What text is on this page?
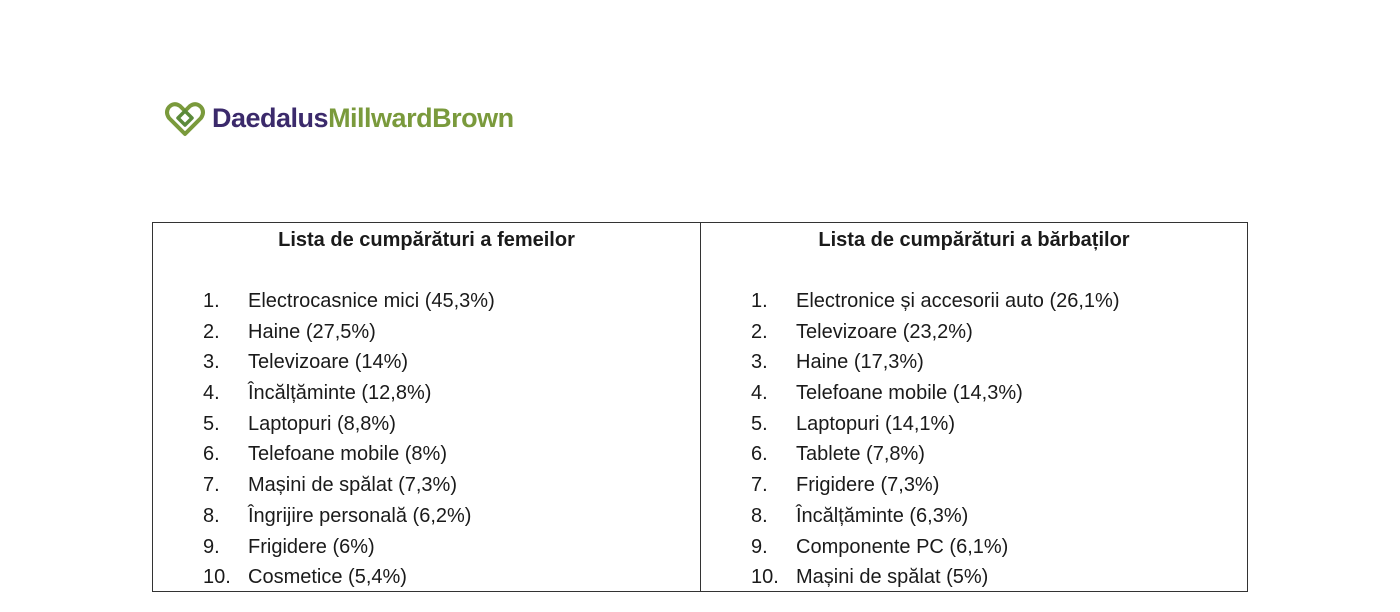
DaedalusMillwardBrown
Lista de cumpărături a femeilor
1.	Electrocasnice mici (45,3%)
2.	Haine (27,5%)
3.	Televizoare (14%)
4.	Încălțăminte (12,8%)
5.	Laptopuri (8,8%)
6.	Telefoane mobile (8%)
7.	Mașini de spălat (7,3%)
8.	Îngrijire personală (6,2%)
9.	Frigidere (6%)
10. Cosmetice (5,4%)
Lista de cumpărături a bărbaților
1.	Electronice și accesorii auto (26,1%)
2.	Televizoare (23,2%)
3.	Haine (17,3%)
4.	Telefoane mobile (14,3%)
5.	Laptopuri (14,1%)
6.	Tablete (7,8%)
7.	Frigidere (7,3%)
8.	Încălțăminte (6,3%)
9.	Componente PC (6,1%)
10. Mașini de spălat (5%)
